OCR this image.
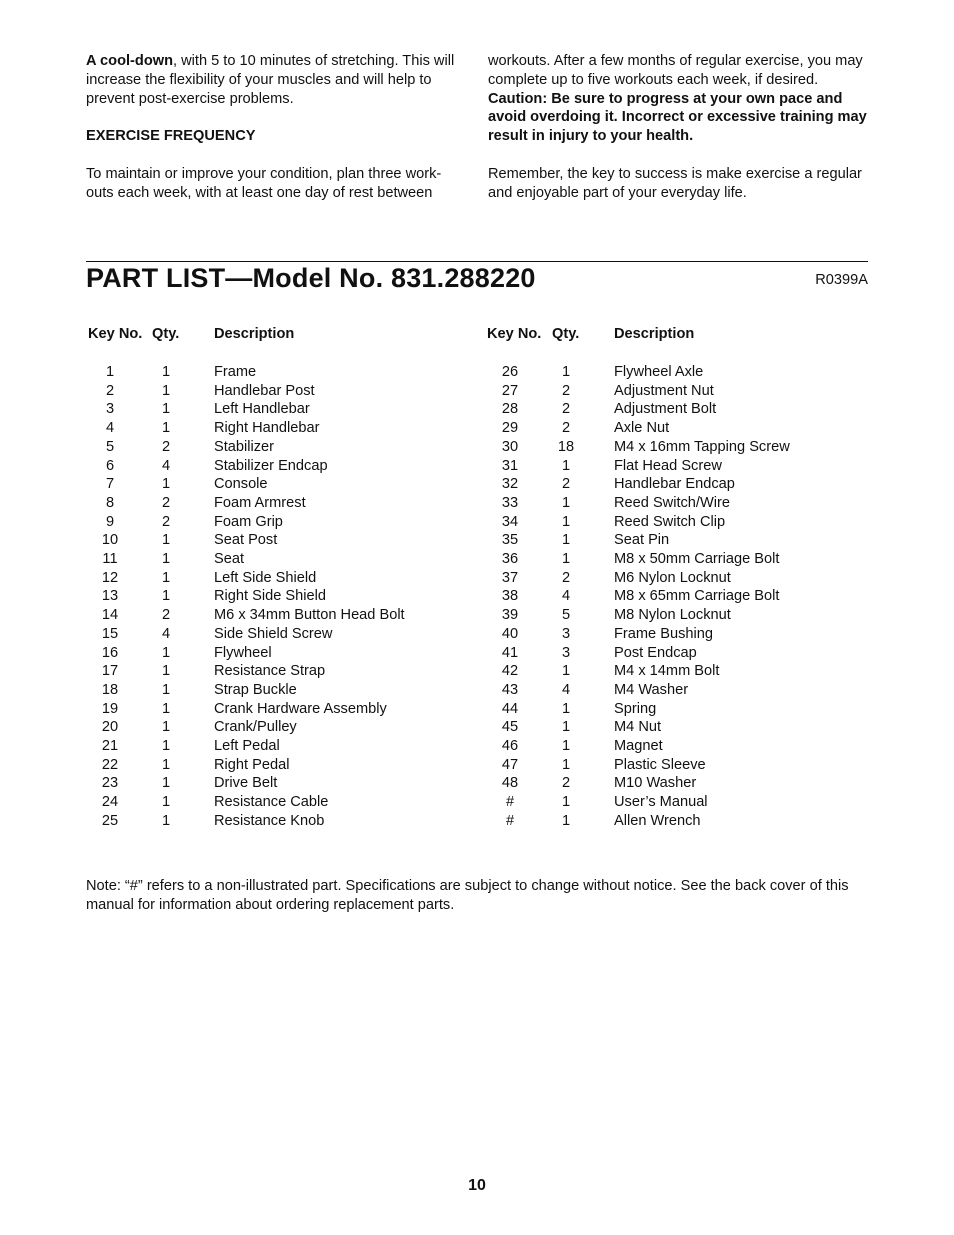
A cool-down, with 5 to 10 minutes of stretching. This will increase the flexibility of your muscles and will help to prevent post-exercise problems.

EXERCISE FREQUENCY

To maintain or improve your condition, plan three work-outs each week, with at least one day of rest between

workouts. After a few months of regular exercise, you may complete up to five workouts each week, if desired. Caution: Be sure to progress at your own pace and avoid overdoing it. Incorrect or excessive training may result in injury to your health.

Remember, the key to success is make exercise a regular and enjoyable part of your everyday life.

PART LIST—Model No. 831.288220	R0399A
Key No. Qty. Description
1	1	Frame
2	1	Handlebar Post
3	1	Left Handlebar
4	1	Right Handlebar
5	2	Stabilizer
6	4	Stabilizer Endcap
7	1	Console
8	2	Foam Armrest
9	2	Foam Grip
10	1	Seat Post
11	1	Seat
12	1	Left Side Shield
13	1	Right Side Shield
14	2	M6 x 34mm Button Head Bolt
15	4	Side Shield Screw
16	1	Flywheel
17	1	Resistance Strap
18	1	Strap Buckle
19	1	Crank Hardware Assembly
20	1	Crank/Pulley
21	1	Left Pedal
22	1	Right Pedal
23	1	Drive Belt
24	1	Resistance Cable
25	1	Resistance Knob
Key No. Qty. Description
26	1	Flywheel Axle
27	2	Adjustment Nut
28	2	Adjustment Bolt
29	2	Axle Nut
30	18	M4 x 16mm Tapping Screw
31	1	Flat Head Screw
32	2	Handlebar Endcap
33	1	Reed Switch/Wire
34	1	Reed Switch Clip
35	1	Seat Pin
36	1	M8 x 50mm Carriage Bolt
37	2	M6 Nylon Locknut
38	4	M8 x 65mm Carriage Bolt
39	5	M8 Nylon Locknut
40	3	Frame Bushing
41	3	Post Endcap
42	1	M4 x 14mm Bolt
43	4	M4 Washer
44	1	Spring
45	1	M4 Nut
46	1	Magnet
47	1	Plastic Sleeve
48	2	M10 Washer
#	1	User’s Manual
#	1	Allen Wrench
Note: “#” refers to a non-illustrated part. Specifications are subject to change without notice. See the back cover of this manual for information about ordering replacement parts.
10
